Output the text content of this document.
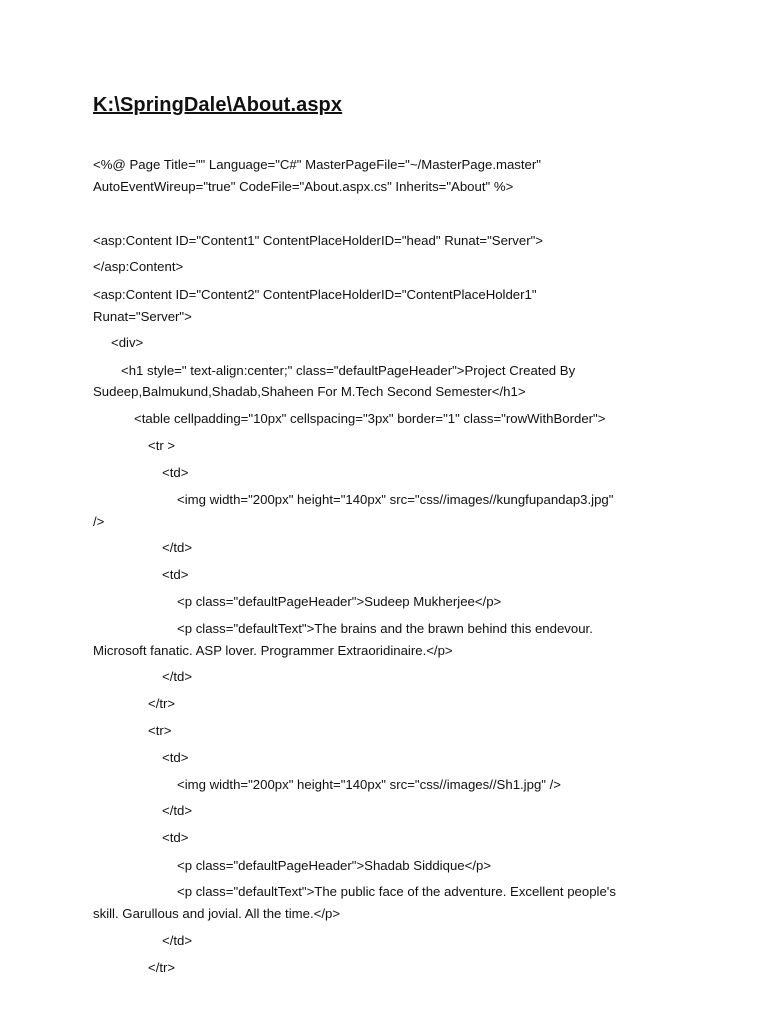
K:\SpringDale\About.aspx
<%@ Page Title="" Language="C#" MasterPageFile="~/MasterPage.master"
AutoEventWireup="true" CodeFile="About.aspx.cs" Inherits="About" %>
<asp:Content ID="Content1" ContentPlaceHolderID="head" Runat="Server">
</asp:Content>
<asp:Content ID="Content2" ContentPlaceHolderID="ContentPlaceHolder1"
Runat="Server">
<div>
<h1 style=" text-align:center;" class="defaultPageHeader">Project Created By
Sudeep,Balmukund,Shadab,Shaheen For M.Tech Second Semester</h1>
<table cellpadding="10px" cellspacing="3px" border="1" class="rowWithBorder">
<tr >
<td>
<img width="200px" height="140px" src="css//images//kungfupandap3.jpg"
/>
</td>
<td>
<p class="defaultPageHeader">Sudeep Mukherjee</p>
<p class="defaultText">The brains and the brawn behind this endevour.
Microsoft fanatic. ASP lover. Programmer Extraoridinaire.</p>
</td>
</tr>
<tr>
<td>
<img width="200px" height="140px" src="css//images//Sh1.jpg" />
</td>
<td>
<p class="defaultPageHeader">Shadab Siddique</p>
<p class="defaultText">The public face of the adventure. Excellent people's
skill. Garullous and jovial. All the time.</p>
</td>
</tr>
